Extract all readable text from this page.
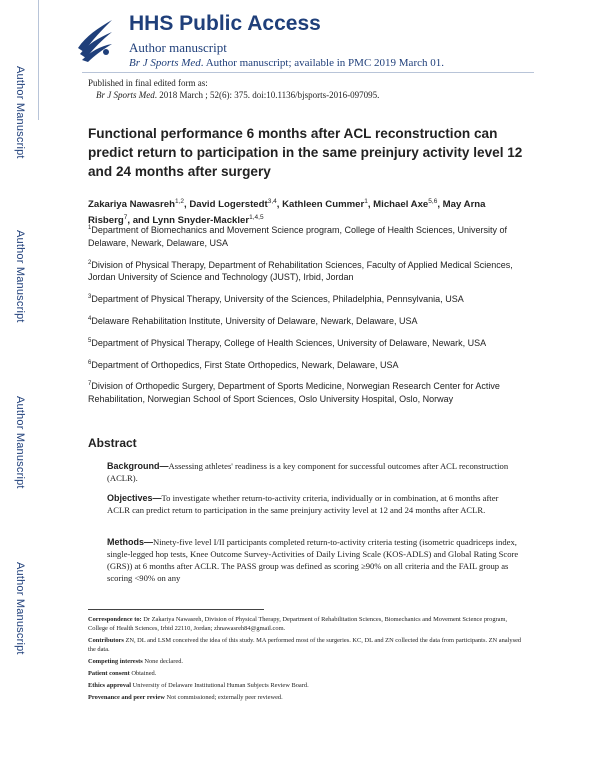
Author Manuscript
Author Manuscript
Author Manuscript
Author Manuscript
HHS Public Access
Author manuscript
Br J Sports Med. Author manuscript; available in PMC 2019 March 01.
Published in final edited form as:
Br J Sports Med. 2018 March ; 52(6): 375. doi:10.1136/bjsports-2016-097095.
Functional performance 6 months after ACL reconstruction can predict return to participation in the same preinjury activity level 12 and 24 months after surgery
Zakariya Nawasreh$^{1,2}$, David Logerstedt$^{3,4}$, Kathleen Cummer$^1$, Michael Axe$^{5,6}$, May Arna Risberg$^7$, and Lynn Snyder-Mackler$^{1,4,5}$
$^1$Department of Biomechanics and Movement Science program, College of Health Sciences, University of Delaware, Newark, Delaware, USA
$^2$Division of Physical Therapy, Department of Rehabilitation Sciences, Faculty of Applied Medical Sciences, Jordan University of Science and Technology (JUST), Irbid, Jordan
$^3$Department of Physical Therapy, University of the Sciences, Philadelphia, Pennsylvania, USA
$^4$Delaware Rehabilitation Institute, University of Delaware, Newark, Delaware, USA
$^5$Department of Physical Therapy, College of Health Sciences, University of Delaware, Newark, USA
$^6$Department of Orthopedics, First State Orthopedics, Newark, Delaware, USA
$^7$Division of Orthopedic Surgery, Department of Sports Medicine, Norwegian Research Center for Active Rehabilitation, Norwegian School of Sport Sciences, Oslo University Hospital, Oslo, Norway
Abstract
Background—Assessing athletes' readiness is a key component for successful outcomes after ACL reconstruction (ACLR).
Objectives—To investigate whether return-to-activity criteria, individually or in combination, at 6 months after ACLR can predict return to participation in the same preinjury activity level at 12 and 24 months after ACLR.
Methods—Ninety-five level I/II participants completed return-to-activity criteria testing (isometric quadriceps index, single-legged hop tests, Knee Outcome Survey-Activities of Daily Living Scale (KOS-ADLS) and Global Rating Score (GRS)) at 6 months after ACLR. The PASS group was defined as scoring ≥90% on all criteria and the FAIL group as scoring <90% on any
Correspondence to: Dr Zakariya Nawasreh, Division of Physical Therapy, Department of Rehabilitation Sciences, Biomechanics and Movement Science program, College of Health Sciences, Irbid 22110, Jordan; zhnawasreh84@gmail.com.
Contributors ZN, DL and LSM conceived the idea of this study. MA performed most of the surgeries. KC, DL and ZN collected the data from participants. ZN analysed the data.
Competing interests None declared.
Patient consent Obtained.
Ethics approval University of Delaware Institutional Human Subjects Review Board.
Provenance and peer review Not commissioned; externally peer reviewed.
